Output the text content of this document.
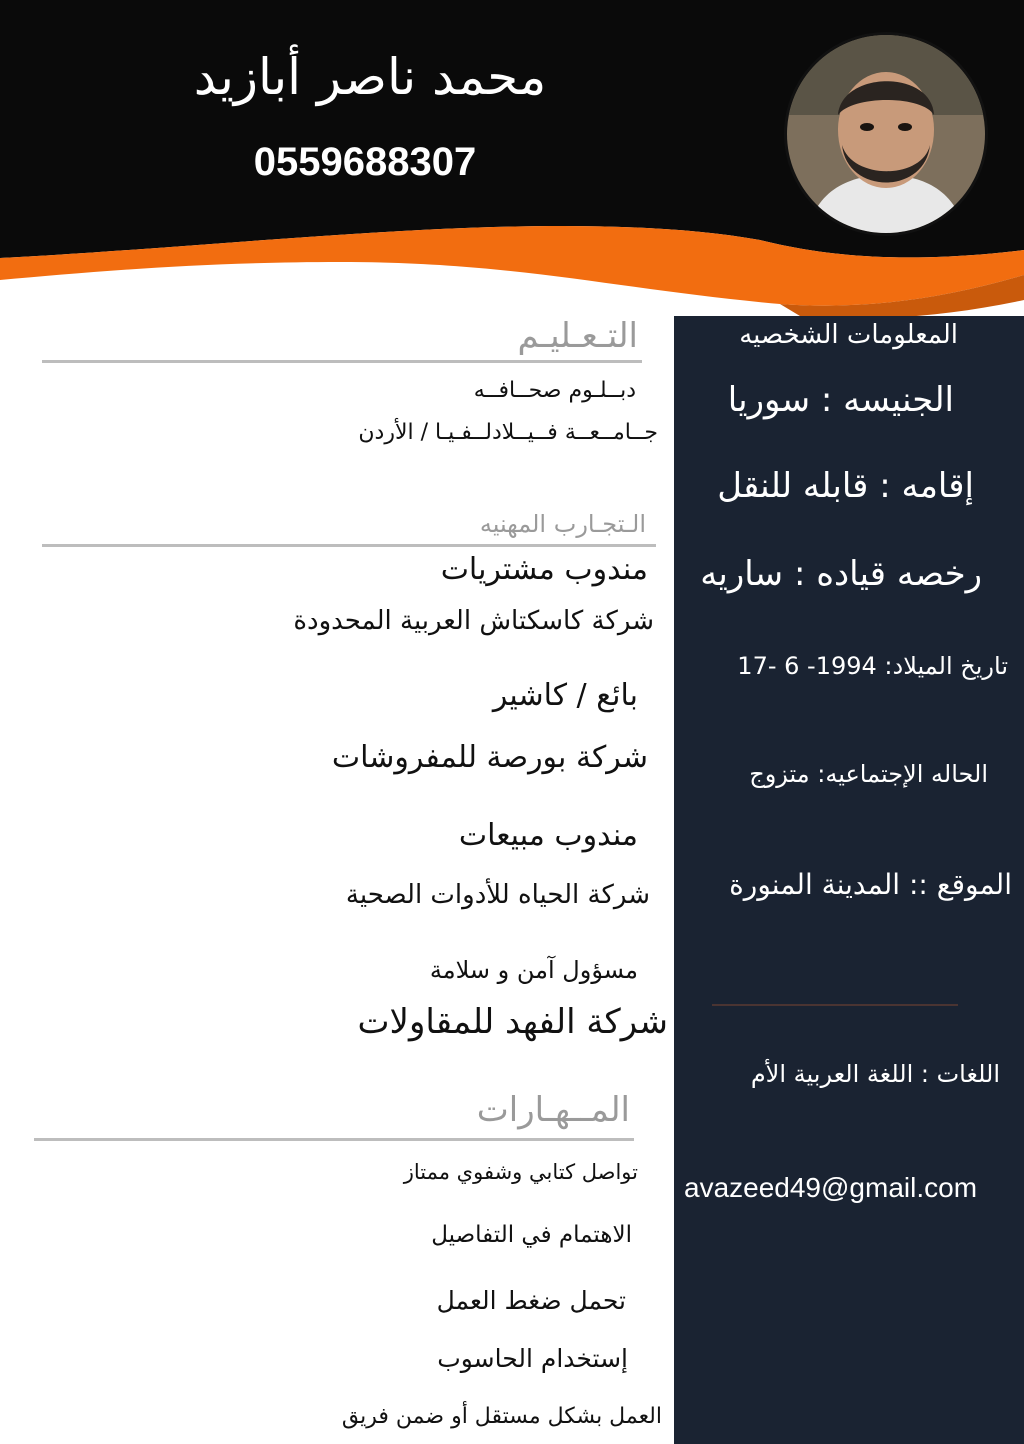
محمد ناصر أبازيد
0559688307
المعلومات الشخصيه
الجنيسه : سوريا
إقامه : قابله للنقل
رخصه قياده : ساريه
تاريخ الميلاد: 1994- 6 -17
الحاله الإجتماعيه: متزوج
الموقع :: المدينة المنورة
اللغات : اللغة العربية الأم
avazeed49@gmail.com
التـعـليـم
دبــلـوم صحــافــه
جــامــعــة فــيــلادلــفـيـا / الأردن
الـتجـارب المهنيه
مندوب مشتريات
شركة كاسكتاش العربية المحدودة
بائع / كاشير
شركة بورصة للمفروشات
مندوب مبيعات
شركة الحياه للأدوات الصحية
مسؤول آمن و سلامة
شركة الفهد للمقاولات
المــهـارات
تواصل كتابي وشفوي ممتاز
الاهتمام في التفاصيل
تحمل ضغط العمل
إستخدام الحاسوب
العمل بشكل مستقل أو ضمن فريق
